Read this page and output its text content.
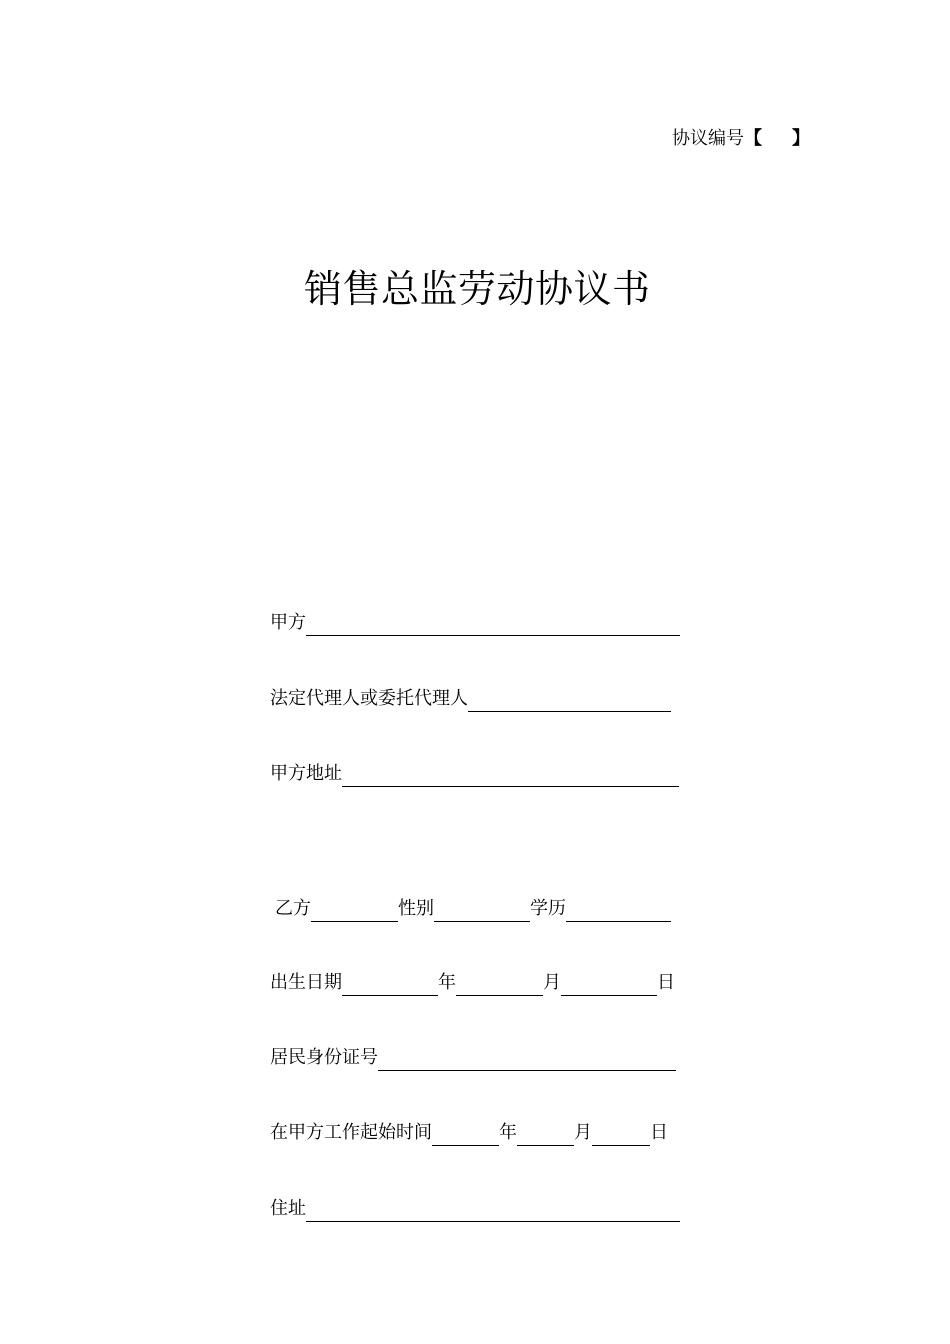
协议编号【 】
销售总监劳动协议书
甲方
法定代理人或委托代理人
甲方地址
乙方	性别	学历
出生日期	年	月	日
居民身份证号
在甲方工作起始时间	年	月	日
住址
